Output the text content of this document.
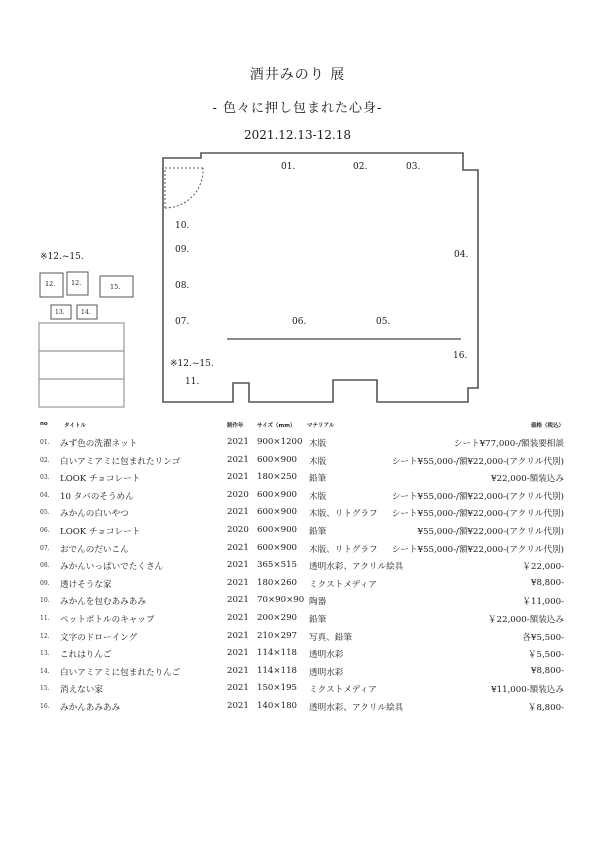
酒井みのり 展
- 色々に押し包まれた心身-
2021.12.13-12.18
01.	02.	03.
04.
05.
06.
07.
08.
09.
10.
11.
16.
※12.~15.
※12.~15.
12. 12.	15.
13.	14.
no	タイトル	制作年 サイズ（mm） マテリアル	価格（税込）
01. みず色の洗濯ネット	2021 900×1200 木版	シート¥77,000-/額装要相談
02. 白いアミアミに包まれたリンゴ	2021 600×900 木版	シート¥55,000-/額¥22,000-(アクリル代別)
03. LOOK チョコレート	2021 180×250 鉛筆	¥22,000-額装込み
04. 10 タバのそうめん	2020 600×900 木版	シート¥55,000-/額¥22,000-(アクリル代別)
05. みかんの白いやつ	2021 600×900 木版、リトグラフ シート¥55,000-/額¥22,000-(アクリル代別)
06. LOOK チョコレート	2020 600×900 鉛筆	¥55,000-/額¥22,000-(アクリル代別)
07. おでんのだいこん	2021 600×900 木版、リトグラフ シート¥55,000-/額¥22,000-(アクリル代別)
08. みかんいっぱいでたくさん	2021 365×515 透明水彩、アクリル絵具	￥22,000-
09. 透けそうな家	2021 180×260 ミクストメディア	¥8,800-
10. みかんを包むあみあみ	2021 70×90×90 陶器	￥11,000-
11. ペットボトルのキャップ	2021 200×290 鉛筆	￥22,000-額装込み
12. 文字のドローイング	2021 210×297 写真、鉛筆	各¥5,500-
13. これはりんご	2021 114×118 透明水彩	￥5,500-
14. 白いアミアミに包まれたりんご	2021 114×118 透明水彩	¥8,800-
15. 消えない家	2021 150×195 ミクストメディア	¥11,000-額装込み
16. みかんあみあみ	2021 140×180 透明水彩、アクリル絵具	￥8,800-
